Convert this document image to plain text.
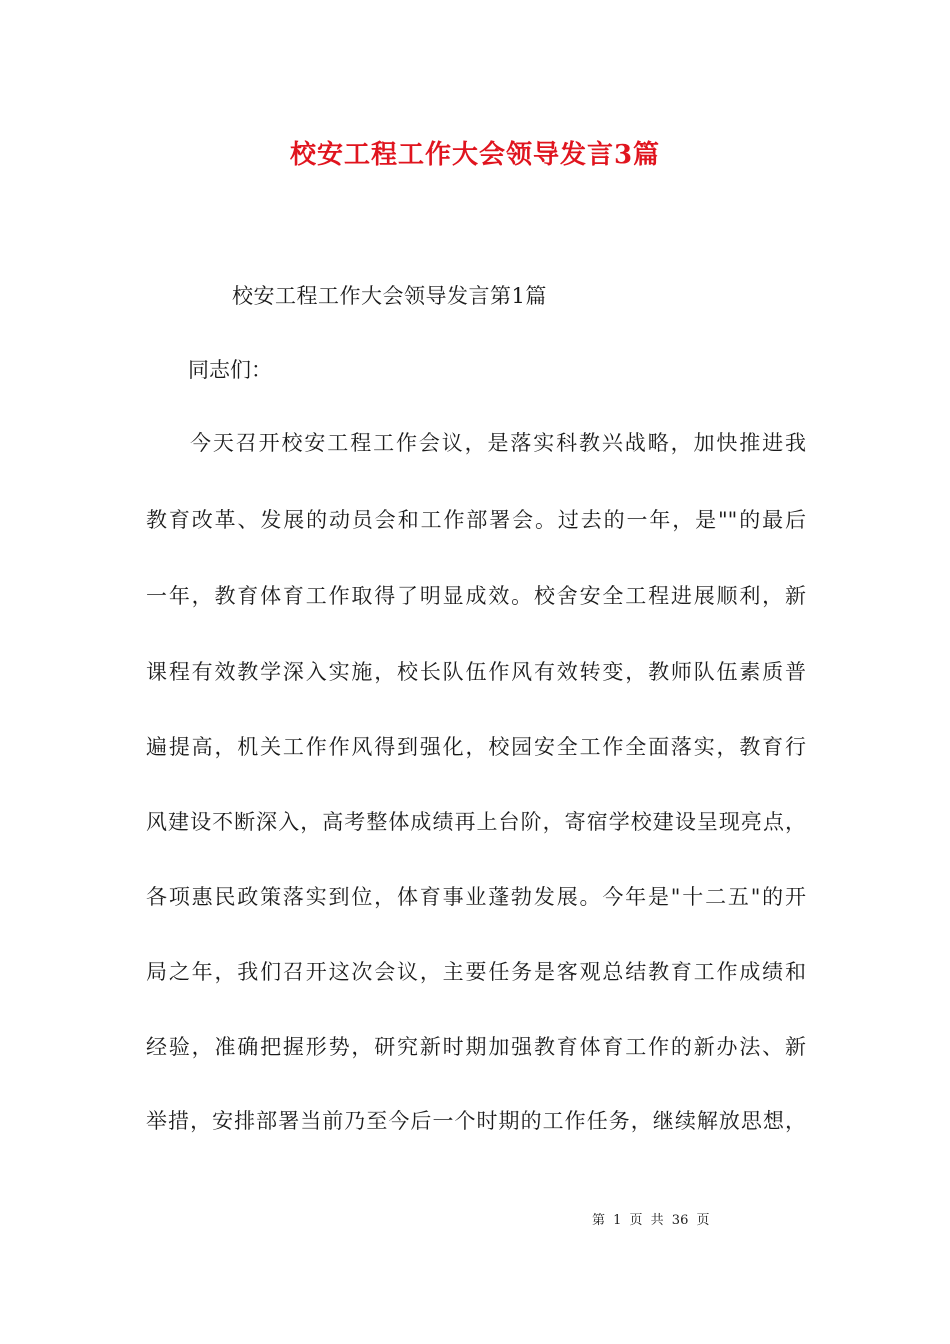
校安工程工作大会领导发言3篇
校安工程工作大会领导发言第1篇
同志们：
今天召开校安工程工作会议，是落实科教兴战略，加快推进我
教育改革、发展的动员会和工作部署会。过去的一年，是""的最后
一年，教育体育工作取得了明显成效。校舍安全工程进展顺利，新
课程有效教学深入实施，校长队伍作风有效转变，教师队伍素质普
遍提高，机关工作作风得到强化，校园安全工作全面落实，教育行
风建设不断深入，高考整体成绩再上台阶，寄宿学校建设呈现亮点，
各项惠民政策落实到位，体育事业蓬勃发展。今年是"十二五"的开
局之年，我们召开这次会议，主要任务是客观总结教育工作成绩和
经验，准确把握形势，研究新时期加强教育体育工作的新办法、新
举措，安排部署当前乃至今后一个时期的工作任务，继续解放思想，
第 1 页 共 36 页
